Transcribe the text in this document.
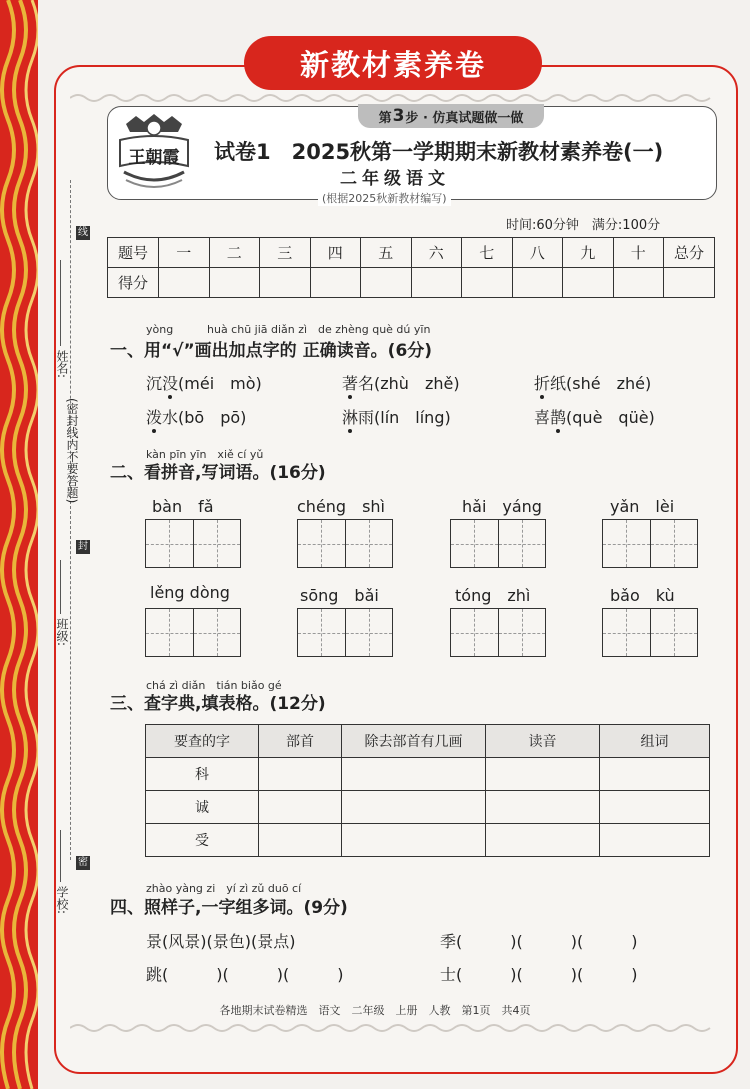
新教材素养卷
第 3 步 · 仿真试题做一做
王朝霞	试卷1　2025秋第一学期期末新教材素养卷(一)
二年级语文
(根据2025秋新教材编写)
时间:60分钟　满分:100分
题号	一	二	三	四	五	六	七	八	九	十	总分
得分											
线
封
密
姓名:
(密封线内不要答题)
班级:
学校:
yòng	huà chū jiā diǎn zì de zhèng què dú yīn
一、用“√”画出加点字的 正确读音。(6分)
沉没(méi　mò)	著名(zhù　zhě)	折纸(shé　zhé)
泼水(bō　pō)	淋雨(lín　líng)	喜鹊(què　qüè)
kàn pīn yīn　xiě cí yǔ
二、看拼音,写词语。(16分)
bàn　fǎ	chéng　shì	hǎi　yáng	yǎn　lèi
lěng dòng	sōng　bǎi	tóng　zhì	bǎo　kù
chá zì diǎn　tián biǎo gé
三、查字典,填表格。(12分)
要查的字	部首	除去部首有几画	读音	组词
科				
诚				
受				
zhào yàng zi　yí zì zǔ duō cí
四、照样子,一字组多词。(9分)
景(风景)(景色)(景点)	季(　　　)(　　　)(　　　)
跳(　　　)(　　　)(　　　)	士(　　　)(　　　)(　　　)
各地期末试卷精选　语文　二年级　上册　人教　第1页　共4页
